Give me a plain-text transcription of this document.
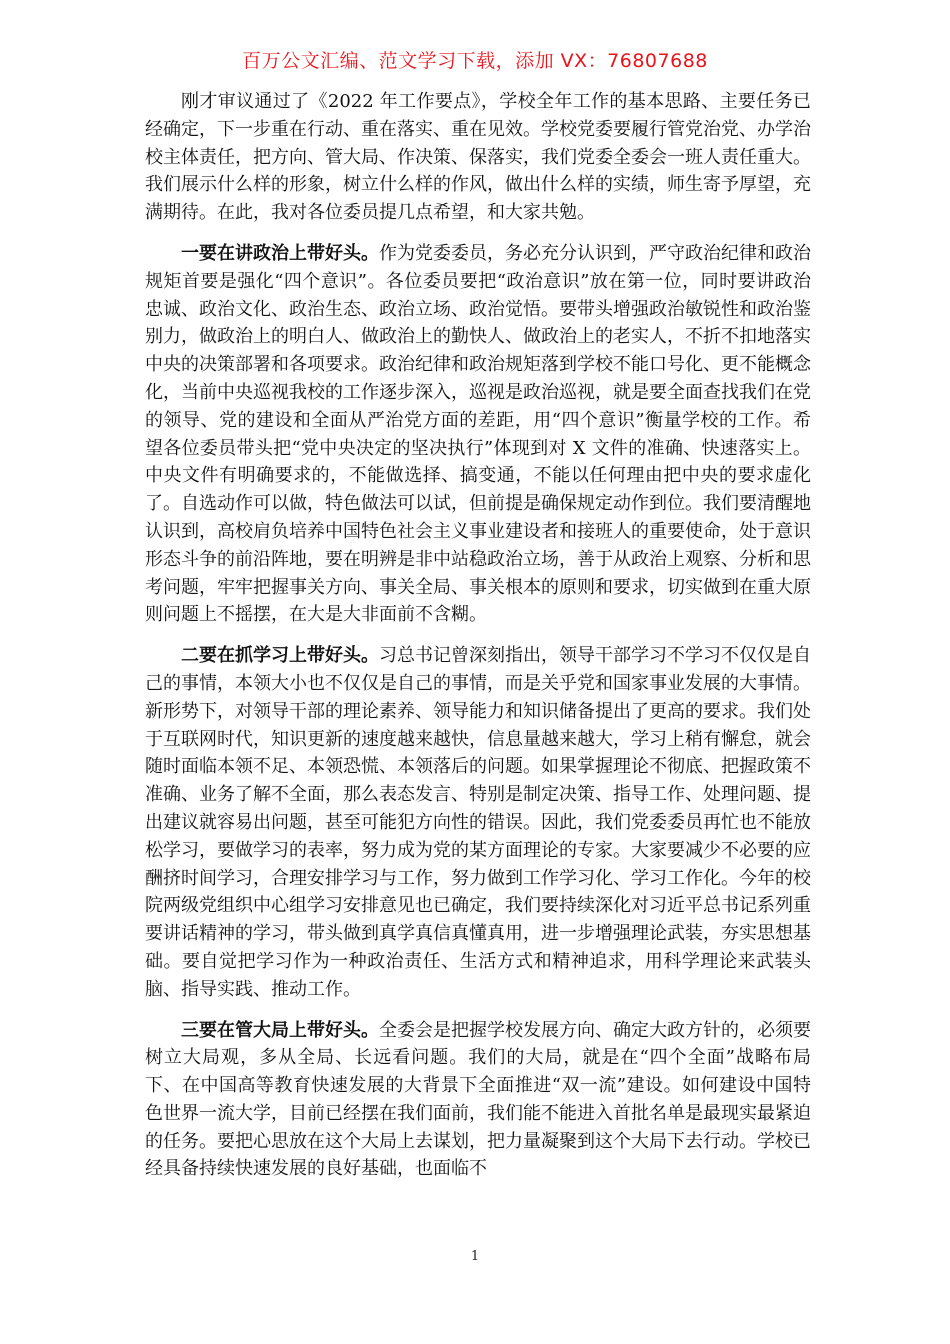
百万公文汇编、范文学习下载，添加 VX：76807688

刚才审议通过了《2022 年工作要点》，学校全年工作的基本思路、主要任务已经确定，下一步重在行动、重在落实、重在见效。学校党委要履行管党治党、办学治校主体责任，把方向、管大局、作决策、保落实，我们党委全委会一班人责任重大。我们展示什么样的形象，树立什么样的作风，做出什么样的实绩，师生寄予厚望，充满期待。在此，我对各位委员提几点希望，和大家共勉。

一要在讲政治上带好头。作为党委委员，务必充分认识到，严守政治纪律和政治规矩首要是强化“四个意识”。各位委员要把“政治意识”放在第一位，同时要讲政治忠诚、政治文化、政治生态、政治立场、政治觉悟。要带头增强政治敏锐性和政治鉴别力，做政治上的明白人、做政治上的勤快人、做政治上的老实人，不折不扣地落实中央的决策部署和各项要求。政治纪律和政治规矩落到学校不能口号化、更不能概念化，当前中央巡视我校的工作逐步深入，巡视是政治巡视，就是要全面查找我们在党的领导、党的建设和全面从严治党方面的差距，用“四个意识”衡量学校的工作。希望各位委员带头把“党中央决定的坚决执行”体现到对 X 文件的准确、快速落实上。中央文件有明确要求的，不能做选择、搞变通，不能以任何理由把中央的要求虚化了。自选动作可以做，特色做法可以试，但前提是确保规定动作到位。我们要清醒地认识到，高校肩负培养中国特色社会主义事业建设者和接班人的重要使命，处于意识形态斗争的前沿阵地，要在明辨是非中站稳政治立场，善于从政治上观察、分析和思考问题，牢牢把握事关方向、事关全局、事关根本的原则和要求，切实做到在重大原则问题上不摇摆，在大是大非面前不含糊。

二要在抓学习上带好头。习总书记曾深刻指出，领导干部学习不学习不仅仅是自己的事情，本领大小也不仅仅是自己的事情，而是关乎党和国家事业发展的大事情。新形势下，对领导干部的理论素养、领导能力和知识储备提出了更高的要求。我们处于互联网时代，知识更新的速度越来越快，信息量越来越大，学习上稍有懈怠，就会随时面临本领不足、本领恐慌、本领落后的问题。如果掌握理论不彻底、把握政策不准确、业务了解不全面，那么表态发言、特别是制定决策、指导工作、处理问题、提出建议就容易出问题，甚至可能犯方向性的错误。因此，我们党委委员再忙也不能放松学习，要做学习的表率，努力成为党的某方面理论的专家。大家要减少不必要的应酬挤时间学习，合理安排学习与工作，努力做到工作学习化、学习工作化。今年的校院两级党组织中心组学习安排意见也已确定，我们要持续深化对习近平总书记系列重要讲话精神的学习，带头做到真学真信真懂真用，进一步增强理论武装，夯实思想基础。要自觉把学习作为一种政治责任、生活方式和精神追求，用科学理论来武装头脑、指导实践、推动工作。

三要在管大局上带好头。全委会是把握学校发展方向、确定大政方针的，必须要树立大局观，多从全局、长远看问题。我们的大局，就是在“四个全面”战略布局下、在中国高等教育快速发展的大背景下全面推进“双一流”建设。如何建设中国特色世界一流大学，目前已经摆在我们面前，我们能不能进入首批名单是最现实最紧迫的任务。要把心思放在这个大局上去谋划，把力量凝聚到这个大局下去行动。学校已经具备持续快速发展的良好基础，也面临不

1
